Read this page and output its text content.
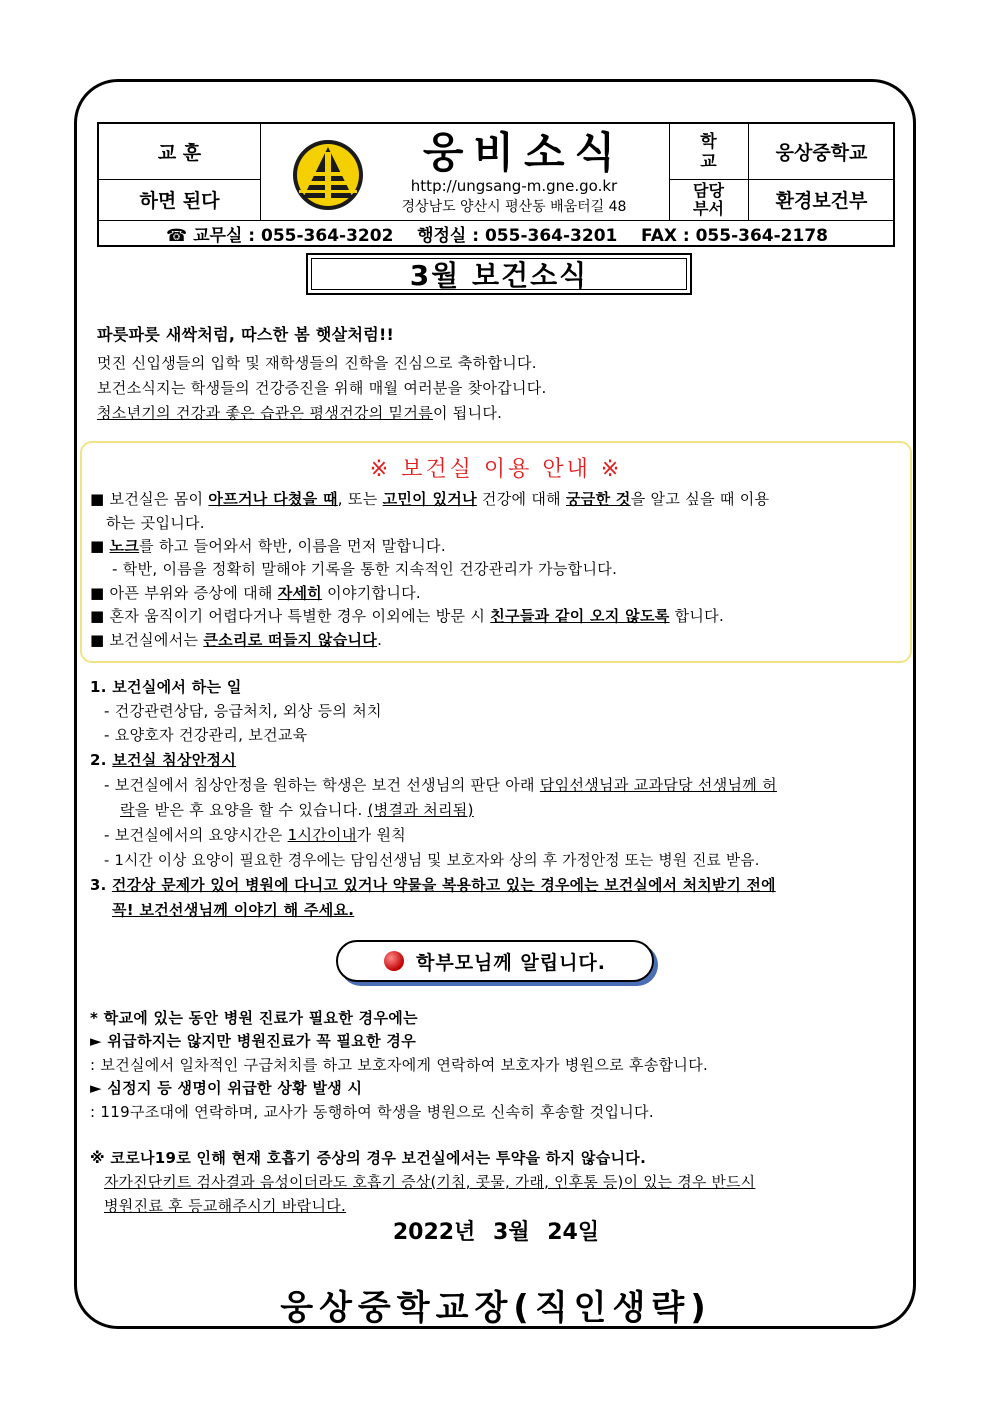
교 훈
하면 된다
웅비소식
http://ungsang-m.gne.go.kr
경상남도 양산시 평산동 배움터길 48
학
교
담당
부서
웅상중학교
환경보건부
☎ 교무실 : 055-364-3202    행정실 : 055-364-3201    FAX : 055-364-2178
3월 보건소식
파릇파릇 새싹처럼, 따스한 봄 햇살처럼!!
멋진 신입생들의 입학 및 재학생들의 진학을 진심으로 축하합니다.
보건소식지는 학생들의 건강증진을 위해 매월 여러분을 찾아갑니다.
청소년기의 건강과 좋은 습관은 평생건강의 밑거름이 됩니다.
※ 보건실 이용 안내 ※
■ 보건실은 몸이 아프거나 다쳤을 때, 또는 고민이 있거나 건강에 대해 궁금한 것을 알고 싶을 때 이용
하는 곳입니다.
■ 노크를 하고 들어와서 학반, 이름을 먼저 말합니다.
- 학반, 이름을 정확히 말해야 기록을 통한 지속적인 건강관리가 가능합니다.
■ 아픈 부위와 증상에 대해 자세히 이야기합니다.
■ 혼자 움직이기 어렵다거나 특별한 경우 이외에는 방문 시 친구들과 같이 오지 않도록 합니다.
■ 보건실에서는 큰소리로 떠들지 않습니다.
1. 보건실에서 하는 일
- 건강관련상담, 응급처치, 외상 등의 처치
- 요양호자 건강관리, 보건교육
2. 보건실 침상안정시
- 보건실에서 침상안정을 원하는 학생은 보건 선생님의 판단 아래 담임선생님과 교과담당 선생님께 허
락을 받은 후 요양을 할 수 있습니다. (병결과 처리됨)
- 보건실에서의 요양시간은 1시간이내가 원칙
- 1시간 이상 요양이 필요한 경우에는 담임선생님 및 보호자와 상의 후 가정안정 또는 병원 진료 받음.
3. 건강상 문제가 있어 병원에 다니고 있거나 약물을 복용하고 있는 경우에는 보건실에서 처치받기 전에
꼭! 보건선생님께 이야기 해 주세요.
학부모님께 알립니다.
* 학교에 있는 동안 병원 진료가 필요한 경우에는
► 위급하지는 않지만 병원진료가 꼭 필요한 경우
: 보건실에서 일차적인 구급처치를 하고 보호자에게 연락하여 보호자가 병원으로 후송합니다.
► 심정지 등 생명이 위급한 상황 발생 시
: 119구조대에 연락하며, 교사가 동행하여 학생을 병원으로 신속히 후송할 것입니다.
※ 코로나19로 인해 현재 호흡기 증상의 경우 보건실에서는 투약을 하지 않습니다.
자가진단키트 검사결과 음성이더라도 호흡기 증상(기침, 콧물, 가래, 인후통 등)이 있는 경우 반드시
병원진료 후 등교해주시기 바랍니다.
2022년 3월 24일
웅상중학교장(직인생략)
